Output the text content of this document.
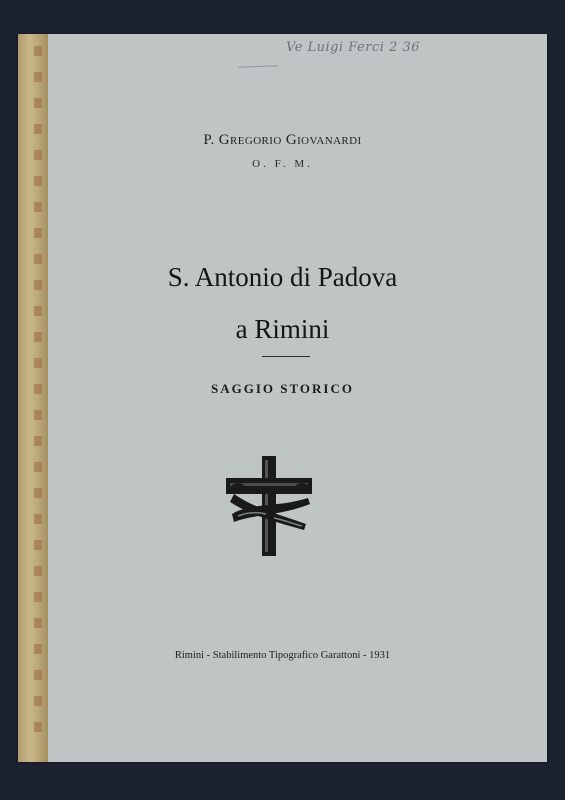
Ve Luigi Ferci 2 36
P. Gregorio Giovanardi
O. F. M.
S. Antonio di Padova
a Rimini
SAGGIO STORICO
Rimini - Stabilimento Tipografico Garattoni - 1931
